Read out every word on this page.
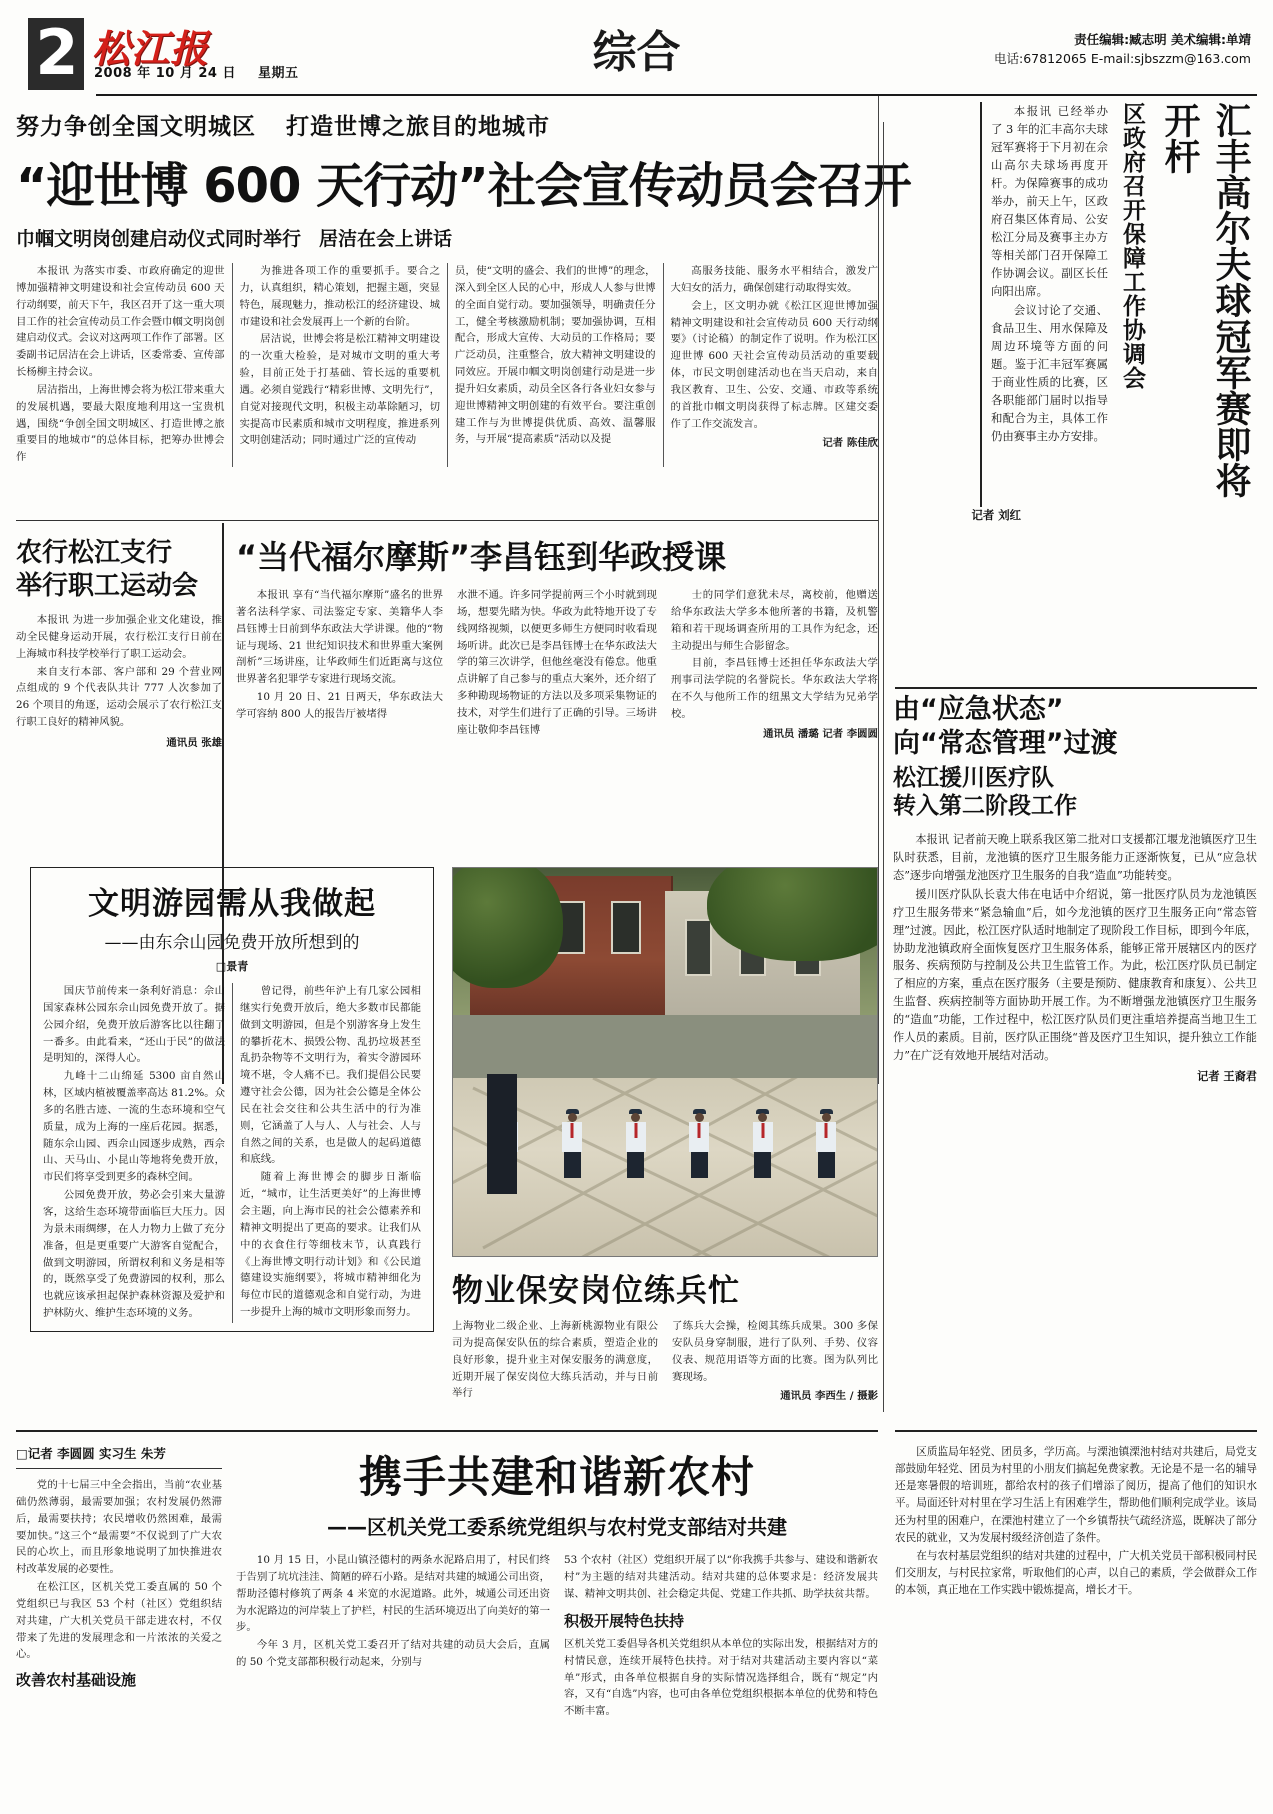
2 松江报
2008 年 10 月 24 日 星期五	综合	责任编辑:臧志明 美术编辑:单靖
电话:67812065 E-mail:sjbszzm@163.com
努力争创全国文明城区 打造世博之旅目的地城市
“迎世博 600 天行动”社会宣传动员会召开
巾帼文明岗创建启动仪式同时举行 居洁在会上讲话

本报讯 为落实市委、市政府确定的迎世博加强精神文明建设和社会宣传动员 600 天行动纲要，前天下午，我区召开了这一重大项目工作的社会宣传动员工作会暨巾帼文明岗创建启动仪式。会议对这两项工作作了部署。区委副书记居洁在会上讲话，区委常委、宣传部长杨柳主持会议。

居洁指出，上海世博会将为松江带来重大的发展机遇，要最大限度地利用这一宝贵机遇，围绕“争创全国文明城区、打造世博之旅重要目的地城市”的总体目标，把筹办世博会作

为推进各项工作的重要抓手。要合之力，认真组织，精心策划，把握主题，突显特色，展现魅力，推动松江的经济建设、城市建设和社会发展再上一个新的台阶。

居洁说，世博会将是松江精神文明建设的一次重大检验，是对城市文明的重大考验，目前正处于打基础、管长远的重要机遇。必须自觉践行“精彩世博、文明先行”，自觉对接现代文明，积极主动革除陋习，切实提高市民素质和城市文明程度，推进系列文明创建活动；同时通过广泛的宣传动

员，使“文明的盛会、我们的世博”的理念，深入到全区人民的心中，形成人人参与世博的全面自觉行动。要加强领导，明确责任分工，健全考核激励机制；要加强协调，互相配合，形成大宣传、大动员的工作格局；要广泛动员，注重整合，放大精神文明建设的同效应。开展巾帼文明岗创建行动是进一步提升妇女素质，动员全区各行各业妇女参与迎世博精神文明创建的有效平台。要注重创建工作与为世博提供优质、高效、温馨服务，与开展“提高素质”活动以及提

高服务技能、服务水平相结合，激发广大妇女的活力，确保创建行动取得实效。

会上，区文明办就《松江区迎世博加强精神文明建设和社会宣传动员 600 天行动纲要》（讨论稿）的制定作了说明。作为松江区迎世博 600 天社会宣传动员活动的重要载体，市民文明创建活动也在当天启动，来自我区教育、卫生、公安、交通、市政等系统的首批巾帼文明岗获得了标志牌。区建交委作了工作交流发言。

记者 陈佳欣

本报讯 已经举办了 3 年的汇丰高尔夫球冠军赛将于下月初在佘山高尔夫球场再度开杆。为保障赛事的成功举办，前天上午，区政府召集区体育局、公安松江分局及赛事主办方等相关部门召开保障工作协调会议。副区长任向阳出席。

会议讨论了交通、食品卫生、用水保障及周边环境等方面的问题。鉴于汇丰冠军赛属于商业性质的比赛，区各职能部门届时以指导和配合为主，具体工作仍由赛事主办方安排。

区政府召开保障工作协调会	汇丰高尔夫球冠军赛即将开杆
记者 刘红
农行松江支行
举行职工运动会

本报讯 为进一步加强企业文化建设，推动全民健身运动开展，农行松江支行日前在上海城市科技学校举行了职工运动会。

来自支行本部、客户部和 29 个营业网点组成的 9 个代表队共计 777 人次参加了 26 个项目的角逐，运动会展示了农行松江支行职工良好的精神风貌。

通讯员 张雄
“当代福尔摩斯”李昌钰到华政授课

本报讯 享有“当代福尔摩斯”盛名的世界著名法科学家、司法鉴定专家、美籍华人李昌钰博士日前到华东政法大学讲课。他的“物证与现场、21 世纪知识技术和世界重大案例剖析”三场讲座，让华政师生们近距离与这位世界著名犯罪学专家进行现场交流。

10 月 20 日、21 日两天，华东政法大学可容纳 800 人的报告厅被堵得

水泄不通。许多同学提前两三个小时就到现场，想要先睹为快。华政为此特地开设了专线网络视频，以便更多师生方便同时收看现场听讲。此次已是李昌钰博士在华东政法大学的第三次讲学，但他丝毫没有倦怠。他重点讲解了自己参与的重点大案外，还介绍了多种勘现场物证的方法以及多项采集物证的技术，对学生们进行了正确的引导。三场讲座让敬仰李昌钰博

士的同学们意犹未尽，离校前，他赠送给华东政法大学多本他所著的书籍，及机警箱和若干现场调查所用的工具作为纪念，还主动提出与师生合影留念。

目前，李昌钰博士还担任华东政法大学刑事司法学院的名誉院长。华东政法大学将在不久与他所工作的纽黑文大学结为兄弟学校。

通讯员 潘璐 记者 李圆圆
由“应急状态”
向“常态管理”过渡
松江援川医疗队
转入第二阶段工作

本报讯 记者前天晚上联系我区第二批对口支援都江堰龙池镇医疗卫生队时获悉，目前，龙池镇的医疗卫生服务能力正逐渐恢复，已从“应急状态”逐步向增强龙池医疗卫生服务的自我“造血”功能转变。

援川医疗队队长袁大伟在电话中介绍说，第一批医疗队员为龙池镇医疗卫生服务带来“紧急输血”后，如今龙池镇的医疗卫生服务正向“常态管理”过渡。因此，松江医疗队适时地制定了现阶段工作目标，即到今年底，协助龙池镇政府全面恢复医疗卫生服务体系，能够正常开展辖区内的医疗服务、疾病预防与控制及公共卫生监管工作。为此，松江医疗队员已制定了相应的方案，重点在医疗服务（主要是预防、健康教育和康复）、公共卫生监督、疾病控制等方面协助开展工作。为不断增强龙池镇医疗卫生服务的“造血”功能，工作过程中，松江医疗队员们更注重培养提高当地卫生工作人员的素质。目前，医疗队正围绕“普及医疗卫生知识，提升独立工作能力”在广泛有效地开展结对活动。

记者 王裔君
文明游园需从我做起
——由东佘山园免费开放所想到的
□景青

国庆节前传来一条利好消息：佘山国家森林公园东佘山园免费开放了。据公园介绍，免费开放后游客比以往翻了一番多。由此看来，“还山于民”的做法是明知的，深得人心。

九峰十二山绵延 5300 亩自然山林，区域内植被覆盖率高达 81.2%。众多的名胜古迹、一流的生态环境和空气质量，成为上海的一座后花园。据悉，随东佘山园、西佘山园逐步成熟，西佘山、天马山、小昆山等地将免费开放，市民们将享受到更多的森林空间。

公园免费开放，势必会引来大量游客，这给生态环境带面临巨大压力。因为景未雨绸缪，在人力物力上做了充分准备，但是更重要广大游客自觉配合，做到文明游园，所谓权利和义务是相等的，既然享受了免费游园的权利，那么也就应该承担起保护森林资源及爱护和护林防火、维护生态环境的义务。

曾记得，前些年沪上有几家公园相继实行免费开放后，绝大多数市民都能做到文明游园，但是个别游客身上发生的攀折花木、损毁公物、乱扔垃圾甚至乱扔杂物等不文明行为，着实令游园环境不堪，令人痛不已。我们提倡公民要遵守社会公德，因为社会公德是全体公民在社会交往和公共生活中的行为准则，它涵盖了人与人、人与社会、人与自然之间的关系，也是做人的起码道德和底线。

随着上海世博会的脚步日渐临近，“城市，让生活更美好”的上海世博会主题，向上海市民的社会公德素养和精神文明提出了更高的要求。让我们从中的衣食住行等细枝末节，认真践行《上海世博文明行动计划》和《公民道德建设实施纲要》，将城市精神细化为每位市民的道德观念和自觉行动，为进一步提升上海的城市文明形象而努力。

物业保安岗位练兵忙
上海物业二级企业、上海新桃源物业有限公司为提高保安队伍的综合素质，塑造企业的良好形象，提升业主对保安服务的满意度，近期开展了保安岗位大练兵活动，并与日前举行
了练兵大会操，检阅其练兵成果。300 多保安队员身穿制服，进行了队列、手势、仪容仪表、规范用语等方面的比赛。图为队列比赛现场。
通讯员 李西生 / 摄影
□记者 李圆圆 实习生 朱芳

党的十七届三中全会指出，当前“农业基础仍然薄弱，最需要加强；农村发展仍然滞后，最需要扶持；农民增收仍然困难，最需要加快。”这三个“最需要”不仅说到了广大农民的心坎上，而且形象地说明了加快推进农村改革发展的必要性。

在松江区，区机关党工委直属的 50 个党组织已与我区 53 个村（社区）党组织结对共建，广大机关党员干部走进农村，不仅带来了先进的发展理念和一片浓浓的关爱之心。

改善农村基础设施
携手共建和谐新农村
——区机关党工委系统党组织与农村党支部结对共建

10 月 15 日，小昆山镇泾德村的两条水泥路启用了，村民们终于告别了坑坑洼洼、简陋的碎石小路。是结对共建的城通公司出资，帮助泾德村修筑了两条 4 米宽的水泥道路。此外，城通公司还出资为水泥路边的河岸装上了护栏，村民的生活环境迈出了向美好的第一步。

今年 3 月，区机关党工委召开了结对共建的动员大会后，直属的 50 个党支部都积极行动起来，分别与

53 个农村（社区）党组织开展了以“你我携手共参与、建设和谐新农村”为主题的结对共建活动。结对共建的总体要求是：经济发展共谋、精神文明共创、社会稳定共促、党建工作共抓、助学扶贫共帮。
积极开展特色扶持
区机关党工委倡导各机关党组织从本单位的实际出发，根据结对方的村情民意，连续开展特色扶持。对于结对共建活动主要内容以“菜单”形式，由各单位根据自身的实际情况选择组合，既有“规定”内容，又有“自选”内容，也可由各单位党组织根据本单位的优势和特色不断丰富。

区质监局年轻党、团员多，学历高。与溧池镇溧池村结对共建后，局党支部鼓励年轻党、团员为村里的小朋友们搞起免费家教。无论是不是一名的辅导还是寒暑假的培训班，都给农村的孩子们增添了阅历，提高了他们的知识水平。局面还针对村里在学习生活上有困难学生，帮助他们顺利完成学业。该局还为村里的困难户，在溧池村建立了一个乡镇帮扶气疏经济巡，既解决了部分农民的就业，又为发展村级经济创造了条件。

在与农村基层党组织的结对共建的过程中，广大机关党员干部积极同村民们交朋友，与村民拉家常，听取他们的心声，以自己的素质，学会做群众工作的本领，真正地在工作实践中锻炼提高，增长才干。
